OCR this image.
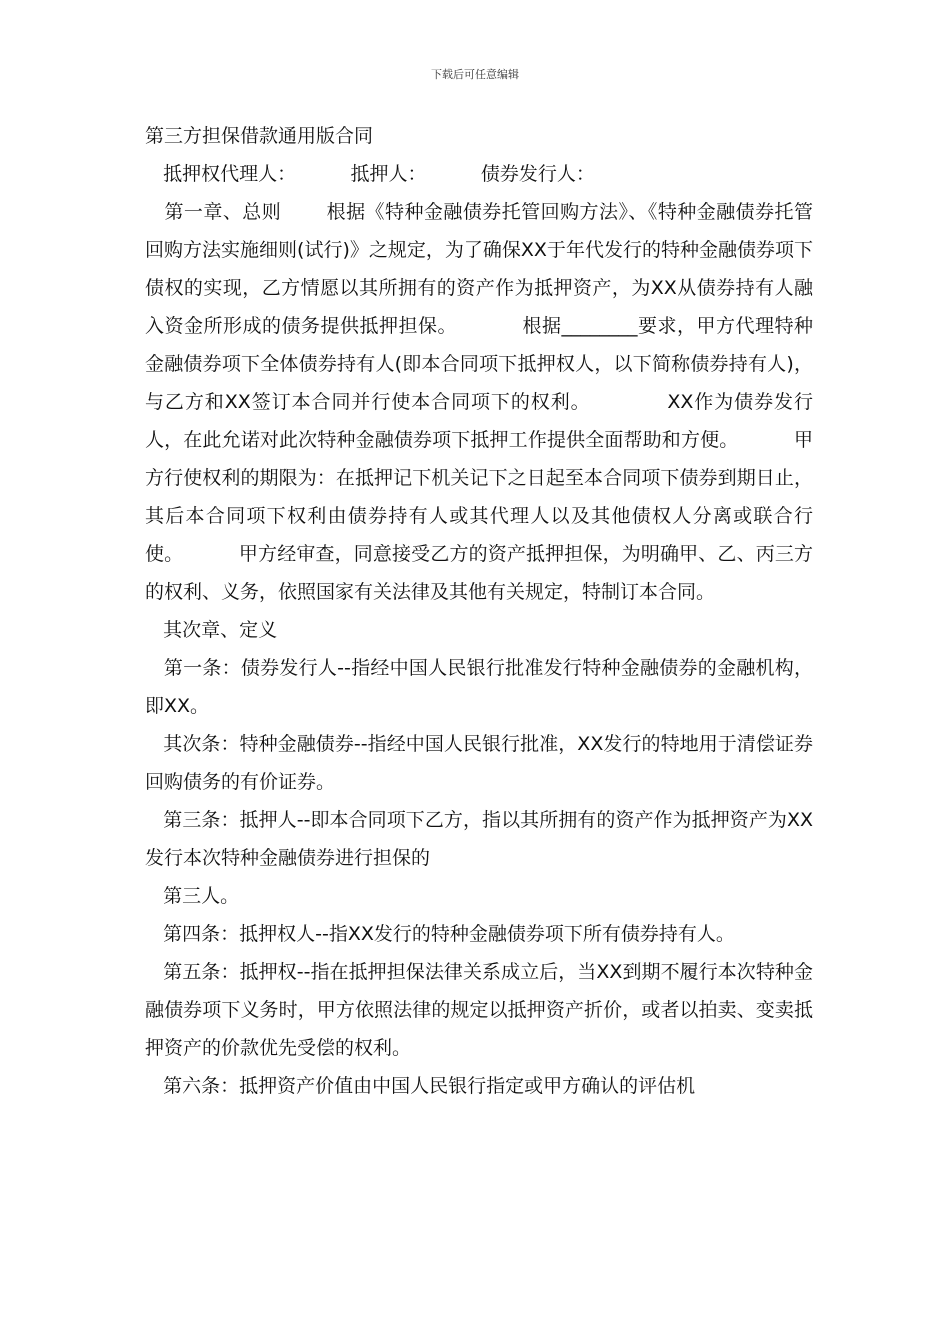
下载后可任意编辑

第三方担保借款通用版合同

抵押权代理人：         抵押人：         债券发行人：

第一章、总则       根据《特种金融债券托管回购方法》、《特种金融债券托管回购方法实施细则(试行)》之规定，为了确保XX于年代发行的特种金融债券项下债权的实现，乙方情愿以其所拥有的资产作为抵押资产，为XX从债券持有人融入资金所形成的债务提供抵押担保。          根据________要求，甲方代理特种金融债券项下全体债券持有人(即本合同项下抵押权人，以下简称债券持有人)，与乙方和XX签订本合同并行使本合同项下的权利。           XX作为债券发行人，在此允诺对此次特种金融债券项下抵押工作提供全面帮助和方便。         甲方行使权利的期限为：在抵押记下机关记下之日起至本合同项下债券到期日止，其后本合同项下权利由债券持有人或其代理人以及其他债权人分离或联合行使。         甲方经审查，同意接受乙方的资产抵押担保，为明确甲、乙、丙三方的权利、义务，依照国家有关法律及其他有关规定，特制订本合同。

其次章、定义

第一条：债券发行人--指经中国人民银行批准发行特种金融债券的金融机构，即XX。

其次条：特种金融债券--指经中国人民银行批准，XX发行的特地用于清偿证券回购债务的有价证券。

第三条：抵押人--即本合同项下乙方，指以其所拥有的资产作为抵押资产为XX发行本次特种金融债券进行担保的

第三人。

第四条：抵押权人--指XX发行的特种金融债券项下所有债券持有人。

第五条：抵押权--指在抵押担保法律关系成立后，当XX到期不履行本次特种金融债券项下义务时，甲方依照法律的规定以抵押资产折价，或者以拍卖、变卖抵押资产的价款优先受偿的权利。

第六条：抵押资产价值由中国人民银行指定或甲方确认的评估机
